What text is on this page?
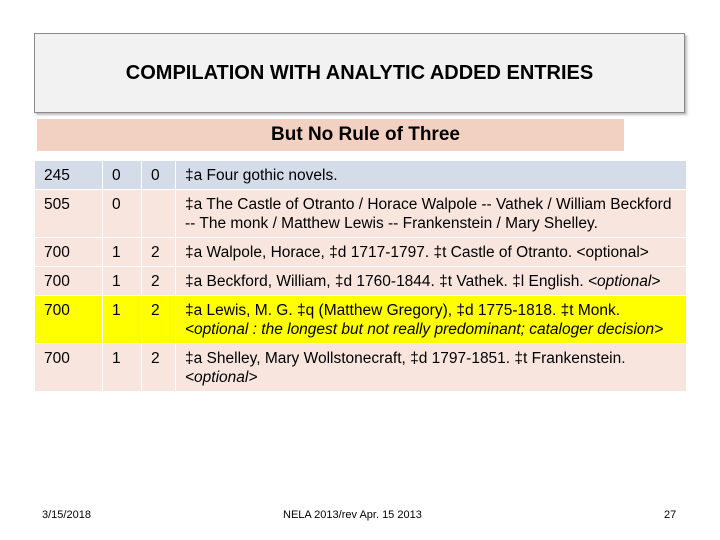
COMPILATION WITH ANALYTIC ADDED ENTRIES
But No Rule of Three
245	0	0	‡a Four gothic novels.
505	0		‡a The Castle of Otranto / Horace Walpole -- Vathek / William Beckford -- The monk / Matthew Lewis -- Frankenstein / Mary Shelley.
700	1	2	‡a Walpole, Horace, ‡d 1717-1797. ‡t Castle of Otranto. <optional>
700	1	2	‡a Beckford, William, ‡d 1760-1844. ‡t Vathek. ‡l English. <optional>
700	1	2	‡a Lewis, M. G. ‡q (Matthew Gregory), ‡d 1775-1818. ‡t Monk. <optional : the longest but not really predominant; cataloger decision>
700	1	2	‡a Shelley, Mary Wollstonecraft, ‡d 1797-1851. ‡t Frankenstein. <optional>
3/15/2018	NELA 2013/rev Apr. 15 2013	27
